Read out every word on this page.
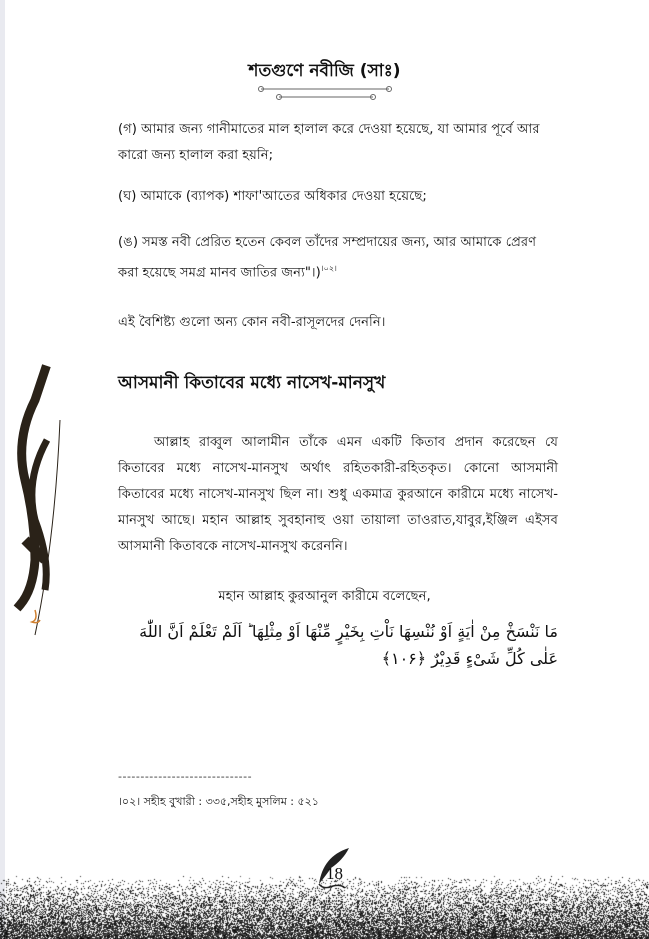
শতগুণে নবীজি (সাঃ)
(গ) আমার জন্য গানীমাতের মাল হালাল করে দেওয়া হয়েছে, যা আমার পূর্বে আর কারো জন্য হালাল করা হয়নি;
(ঘ) আমাকে (ব্যাপক) শাফা'আতের অধিকার দেওয়া হয়েছে;
(ঙ) সমস্ত নবী প্রেরিত হতেন কেবল তাঁদের সম্প্রদায়ের জন্য, আর আমাকে প্রেরণ করা হয়েছে সমগ্র মানব জাতির জন্য"।)$^{।০২।}$
এই বৈশিষ্ট্য গুলো অন্য কোন নবী-রাসূলদের দেননি।
আসমানী কিতাবের মধ্যে নাসেখ-মানসুখ
আল্লাহ রাব্বুল আলামীন তাঁকে এমন একটি কিতাব প্রদান করেছেন যে কিতাবের মধ্যে নাসেখ-মানসুখ অর্থাৎ রহিতকারী-রহিতকৃত। কোনো আসমানী কিতাবের মধ্যে নাসেখ-মানসুখ ছিল না। শুধু একমাত্র কুরআনে কারীমে মধ্যে নাসেখ-মানসুখ আছে। মহান আল্লাহ সুবহানাহু ওয়া তায়ালা তাওরাত,যাবুর,ইঞ্জিল এইসব আসমানী কিতাবকে নাসেখ-মানসুখ করেননি।
মহান আল্লাহ কুরআনুল কারীমে বলেছেন,
مَا نَنْسَخْ مِنْ اٰيَةٍ اَوْ نُنْسِهَا نَاْتِ بِخَيْرٍ مِّنْهَا اَوْ مِثْلِهَا ؕ اَلَمْ تَعْلَمْ اَنَّ اللّٰهَ عَلٰى كُلِّ شَیْءٍ قَدِیْرٌ ﴿۱۰۶﴾
------------------------------
।০২। সহীহ বুখারী : ৩৩৫,সহীহ মুসলিম : ৫২১
18
